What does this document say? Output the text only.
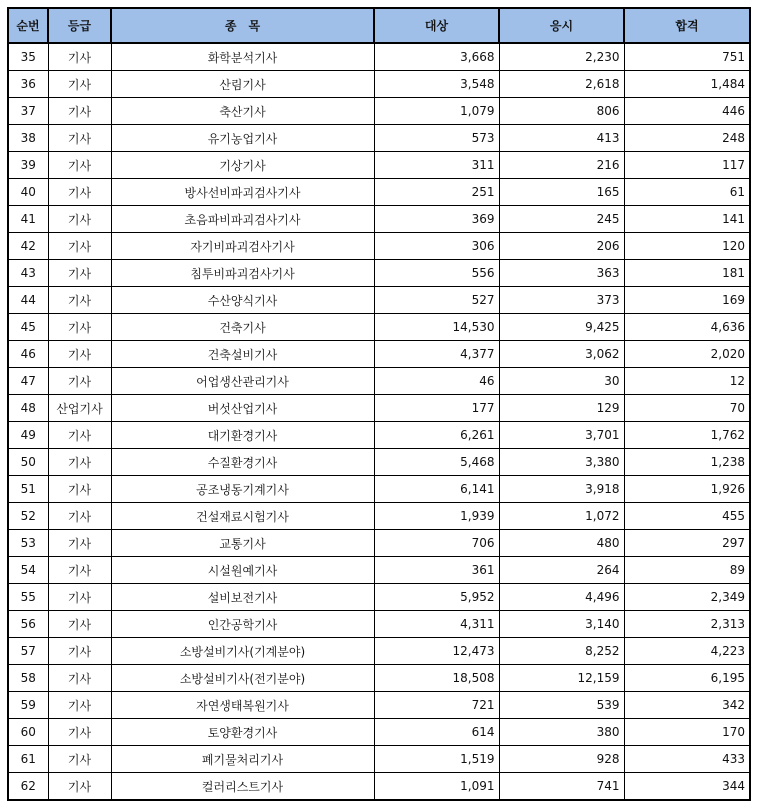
순번	등급	종　목	대상	응시	합격
35	기사	화학분석기사	3,668	2,230	751
36	기사	산림기사	3,548	2,618	1,484
37	기사	축산기사	1,079	806	446
38	기사	유기농업기사	573	413	248
39	기사	기상기사	311	216	117
40	기사	방사선비파괴검사기사	251	165	61
41	기사	초음파비파괴검사기사	369	245	141
42	기사	자기비파괴검사기사	306	206	120
43	기사	침투비파괴검사기사	556	363	181
44	기사	수산양식기사	527	373	169
45	기사	건축기사	14,530	9,425	4,636
46	기사	건축설비기사	4,377	3,062	2,020
47	기사	어업생산관리기사	46	30	12
48	산업기사	버섯산업기사	177	129	70
49	기사	대기환경기사	6,261	3,701	1,762
50	기사	수질환경기사	5,468	3,380	1,238
51	기사	공조냉동기계기사	6,141	3,918	1,926
52	기사	건설재료시험기사	1,939	1,072	455
53	기사	교통기사	706	480	297
54	기사	시설원예기사	361	264	89
55	기사	설비보전기사	5,952	4,496	2,349
56	기사	인간공학기사	4,311	3,140	2,313
57	기사	소방설비기사(기계분야)	12,473	8,252	4,223
58	기사	소방설비기사(전기분야)	18,508	12,159	6,195
59	기사	자연생태복원기사	721	539	342
60	기사	토양환경기사	614	380	170
61	기사	폐기물처리기사	1,519	928	433
62	기사	컬러리스트기사	1,091	741	344
